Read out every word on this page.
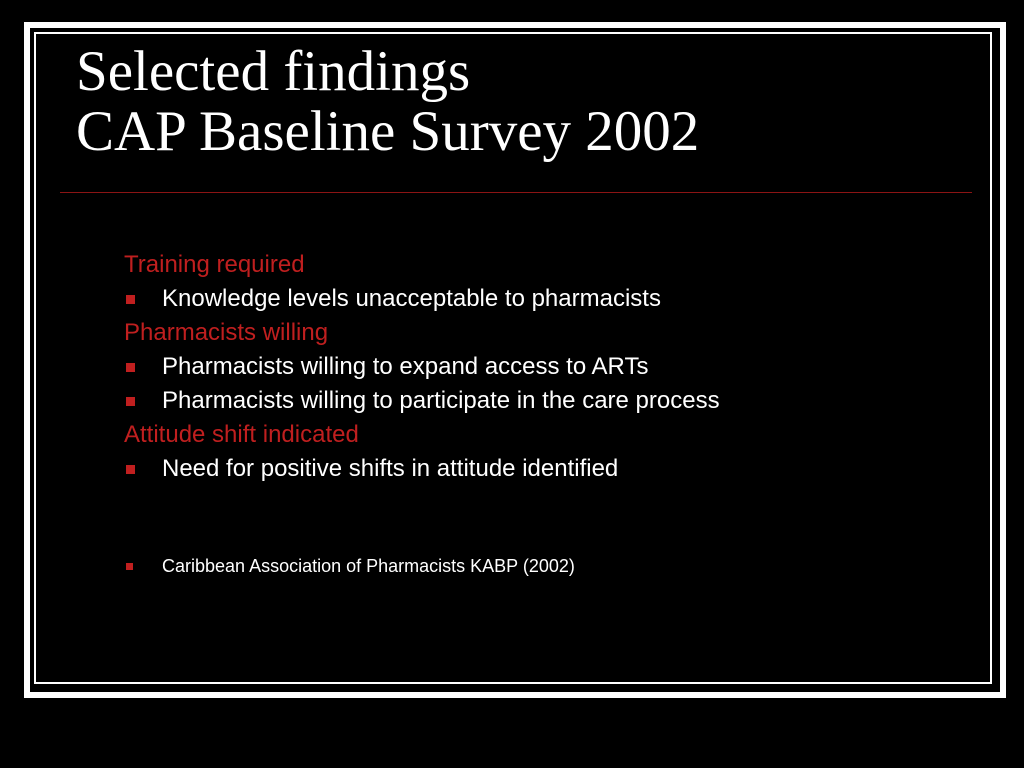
Selected findings
CAP Baseline Survey 2002
Training required
Knowledge levels unacceptable to pharmacists
Pharmacists willing
Pharmacists willing to expand access to ARTs
Pharmacists willing to participate in the care process
Attitude shift indicated
Need for positive shifts in attitude identified
Caribbean Association of Pharmacists KABP (2002)
